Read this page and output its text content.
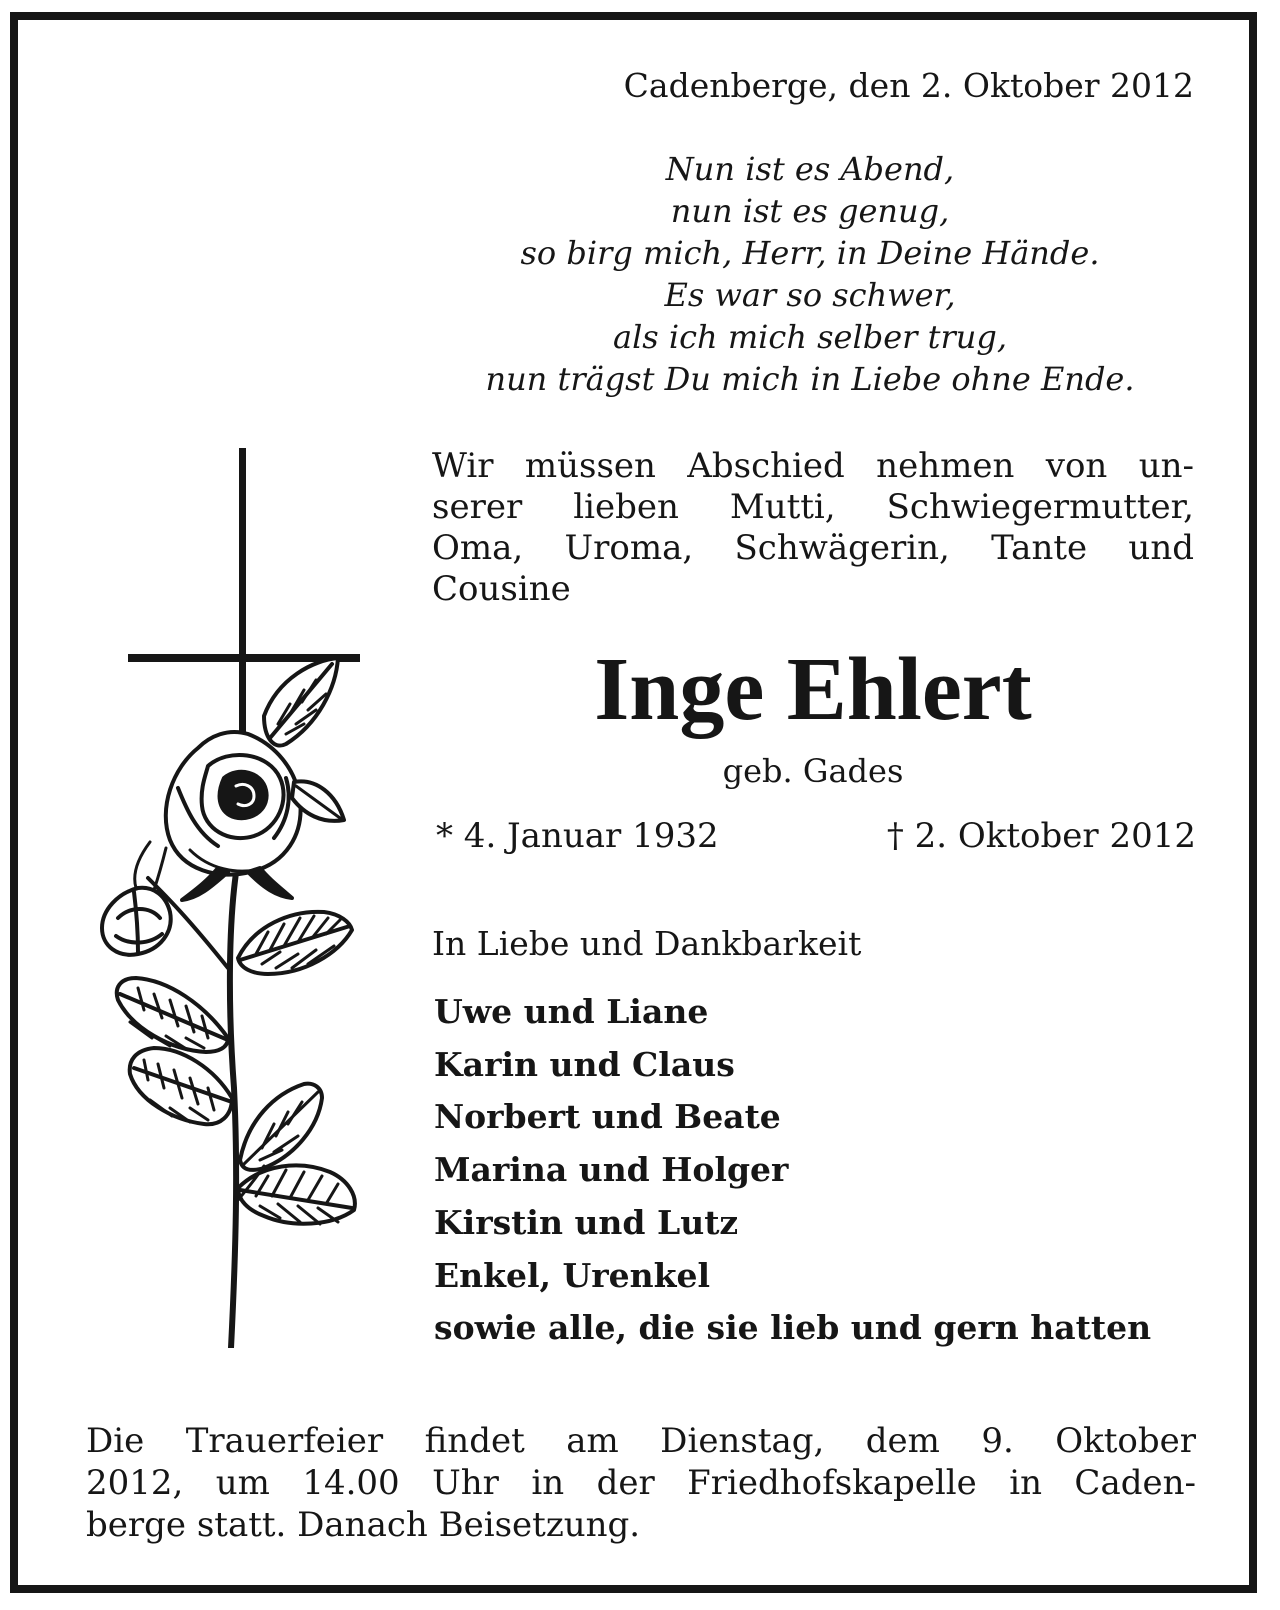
Cadenberge, den 2. Oktober 2012

Nun ist es Abend,
nun ist es genug,
so birg mich, Herr, in Deine Hände.
Es war so schwer,
als ich mich selber trug,
nun trägst Du mich in Liebe ohne Ende.
Wir müssen Abschied nehmen von un-
serer lieben Mutti, Schwiegermutter,
Oma, Uroma, Schwägerin, Tante und
Cousine
Inge Ehlert
geb. Gades
* 4. Januar 1932	† 2. Oktober 2012
In Liebe und Dankbarkeit
Uwe und Liane
Karin und Claus
Norbert und Beate
Marina und Holger
Kirstin und Lutz
Enkel, Urenkel
sowie alle, die sie lieb und gern hatten
Die Trauerfeier findet am Dienstag, dem 9. Oktober
2012, um 14.00 Uhr in der Friedhofskapelle in Caden-
berge statt. Danach Beisetzung.
